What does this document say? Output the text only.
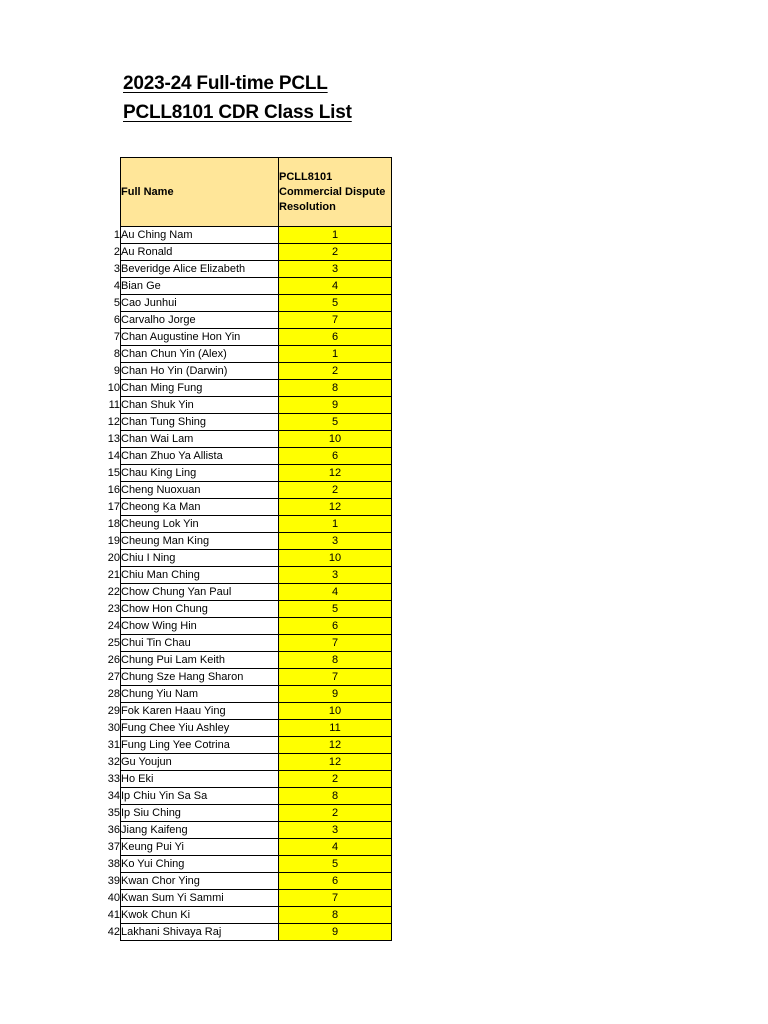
2023-24 Full-time PCLL
PCLL8101 CDR Class List
	Full Name	PCLL8101
Commercial Dispute
Resolution

1	Au Ching Nam	1
2	Au Ronald	2
3	Beveridge Alice Elizabeth	3
4	Bian Ge	4
5	Cao Junhui	5
6	Carvalho Jorge	7
7	Chan Augustine Hon Yin	6
8	Chan Chun Yin (Alex)	1
9	Chan Ho Yin (Darwin)	2
10	Chan Ming Fung	8
11	Chan Shuk Yin	9
12	Chan Tung Shing	5
13	Chan Wai Lam	10
14	Chan Zhuo Ya Allista	6
15	Chau King Ling	12
16	Cheng Nuoxuan	2
17	Cheong Ka Man	12
18	Cheung Lok Yin	1
19	Cheung Man King	3
20	Chiu I Ning	10
21	Chiu Man Ching	3
22	Chow Chung Yan Paul	4
23	Chow Hon Chung	5
24	Chow Wing Hin	6
25	Chui Tin Chau	7
26	Chung Pui Lam Keith	8
27	Chung Sze Hang Sharon	7
28	Chung Yiu Nam	9
29	Fok Karen Haau Ying	10
30	Fung Chee Yiu Ashley	11
31	Fung Ling Yee Cotrina	12
32	Gu Youjun	12
33	Ho Eki	2
34	Ip Chiu Yin Sa Sa	8
35	Ip Siu Ching	2
36	Jiang Kaifeng	3
37	Keung Pui Yi	4
38	Ko Yui Ching	5
39	Kwan Chor Ying	6
40	Kwan Sum Yi Sammi	7
41	Kwok Chun Ki	8
42	Lakhani Shivaya Raj	9
